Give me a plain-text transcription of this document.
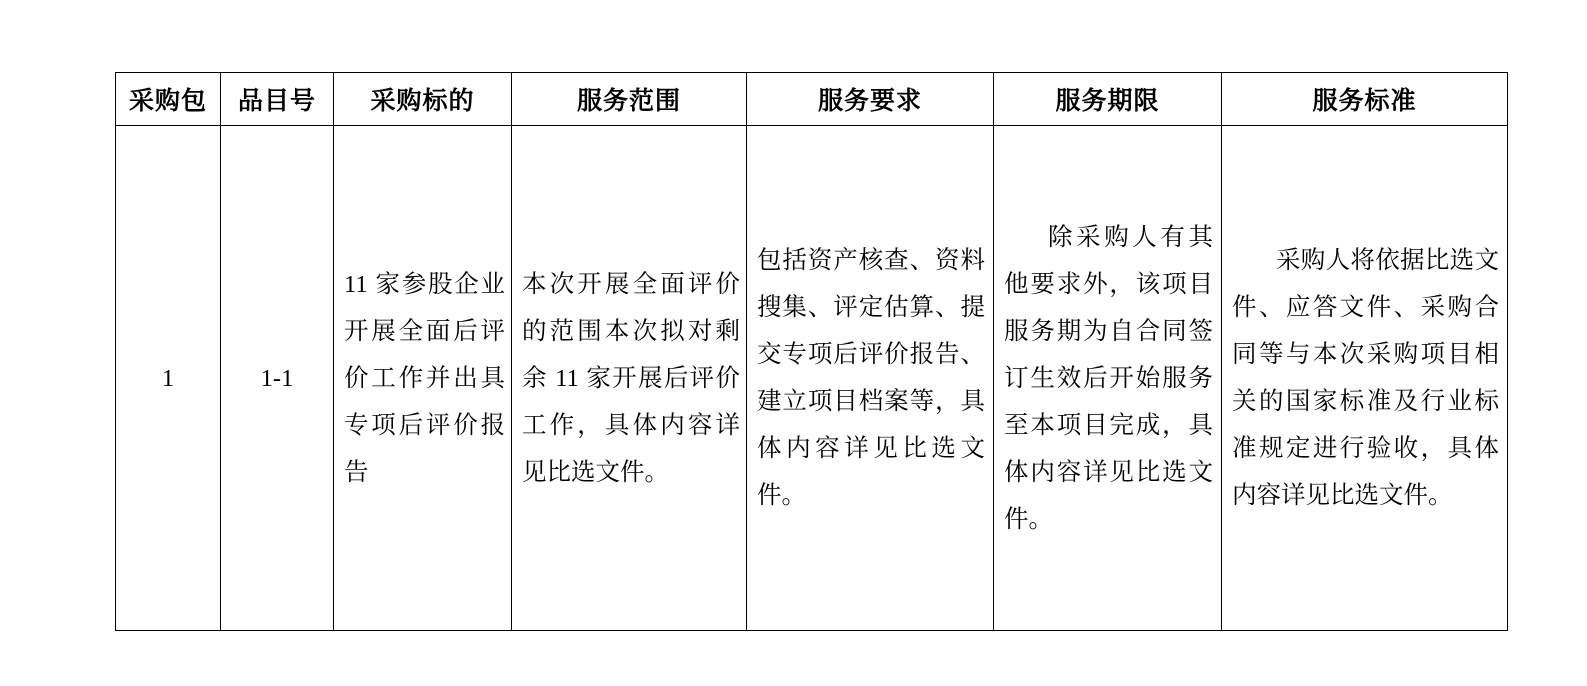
采购包	品目号	采购标的	服务范围	服务要求	服务期限	服务标准
1	1-1	11 家参股企业开展全面后评价工作并出具专项后评价报告	本次开展全面评价的范围本次拟对剩余 11 家开展后评价工作，具体内容详见比选文件。	包括资产核查、资料搜集、评定估算、提交专项后评价报告、建立项目档案等，具体内容详见比选文件。	除采购人有其他要求外，该项目服务期为自合同签订生效后开始服务至本项目完成，具体内容详见比选文件。	采购人将依据比选文件、应答文件、采购合同等与本次采购项目相关的国家标准及行业标准规定进行验收，具体内容详见比选文件。
